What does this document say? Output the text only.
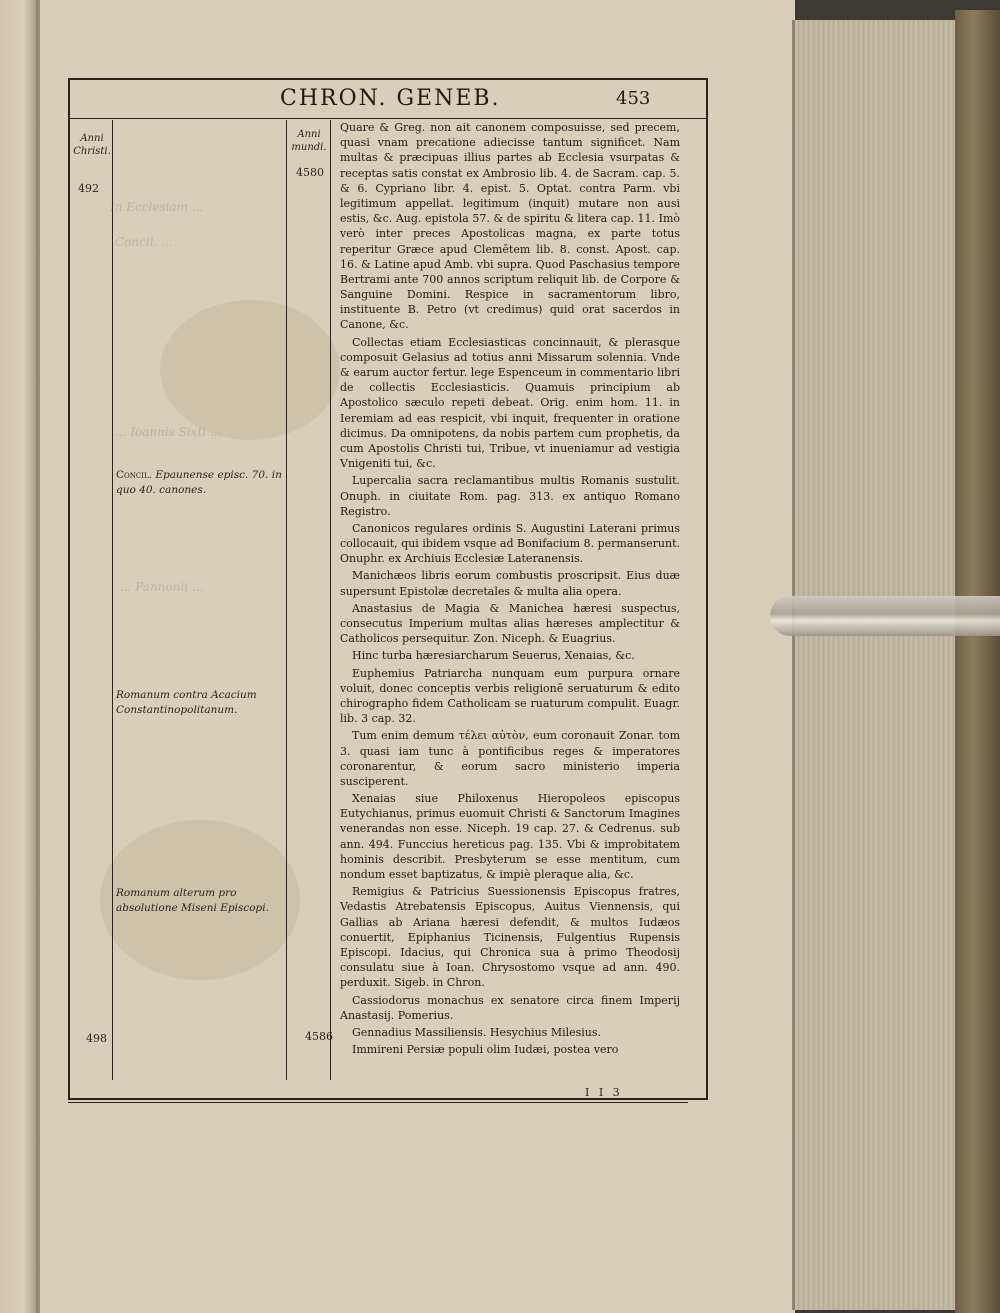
In Ecclesiam ...
Concil. ...
... Ioannis Sixti ...
... Pannonii ...
CHRON. GENEB.	453
Anni Christi.
Anni mundi.
492
4580
498	4586
Concil. Epaunense episc. 70. in quo 40. canones.
Romanum contra Acacium Constantinopolitanum.
Romanum alterum pro absolutione Miseni Episcopi.

Quare & Greg. non ait canonem composuisse, sed precem, quasi vnam precatione adiecisse tantum significet. Nam multas & præcipuas illius partes ab Ecclesia vsurpatas & receptas satis constat ex Ambrosio lib. 4. de Sacram. cap. 5. & 6. Cypriano libr. 4. epist. 5. Optat. contra Parm. vbi legitimum appellat. legitimum (inquit) mutare non ausi estis, &c. Aug. epistola 57. & de spiritu & litera cap. 11. Imò verò inter preces Apostolicas magna, ex parte totus reperitur Græce apud Clemētem lib. 8. const. Apost. cap. 16. & Latine apud Amb. vbi supra. Quod Paschasius tempore Bertrami ante 700 annos scriptum reliquit lib. de Corpore & Sanguine Domini. Respice in sacramentorum libro, instituente B. Petro (vt credimus) quid orat sacerdos in Canone, &c.

Collectas etiam Ecclesiasticas concinnauit, & plerasque composuit Gelasius ad totius anni Missarum solennia. Vnde & earum auctor fertur. lege Espenceum in commentario libri de collectis Ecclesiasticis. Quamuis principium ab Apostolico sæculo repeti debeat. Orig. enim hom. 11. in Ieremiam ad eas respicit, vbi inquit, frequenter in oratione dicimus. Da omnipotens, da nobis partem cum prophetis, da cum Apostolis Christi tui, Tribue, vt inueniamur ad vestigia Vnigeniti tui, &c.

Lupercalia sacra reclamantibus multis Romanis sustulit. Onuph. in ciuitate Rom. pag. 313. ex antiquo Romano Registro.

Canonicos regulares ordinis S. Augustini Laterani primus collocauit, qui ibidem vsque ad Bonifacium 8. permanserunt. Onuphr. ex Archiuis Ecclesiæ Lateranensis.

Manichæos libris eorum combustis proscripsit. Eius duæ supersunt Epistolæ decretales & multa alia opera.

Anastasius de Magia & Manichea hæresi suspectus, consecutus Imperium multas alias hæreses amplectitur & Catholicos persequitur. Zon. Niceph. & Euagrius.

Hinc turba hæresiarcharum Seuerus, Xenaias, &c.

Euphemius Patriarcha nunquam eum purpura ornare voluit, donec conceptis verbis religionē seruaturum & edito chirographo fidem Catholicam se ruaturum compulit. Euagr. lib. 3 cap. 32.

Tum enim demum τέλει αὐτὸν, eum coronauit Zonar. tom 3. quasi iam tunc à pontificibus reges & imperatores coronarentur, & eorum sacro ministerio imperia susciperent.

Xenaias siue Philoxenus Hieropoleos episcopus Eutychianus, primus euomuit Christi & Sanctorum Imagines venerandas non esse. Niceph. 19 cap. 27. & Cedrenus. sub ann. 494. Funccius hereticus pag. 135. Vbi & improbitatem hominis describit. Presbyterum se esse mentitum, cum nondum esset baptizatus, & impiè pleraque alia, &c.

Remigius & Patricius Suessionensis Episcopus fratres, Vedastis Atrebatensis Episcopus, Auitus Viennensis, qui Gallias ab Ariana hæresi defendit, & multos Iudæos conuertit, Epiphanius Ticinensis, Fulgentius Rupensis Episcopi. Idacius, qui Chronica sua à primo Theodosij consulatu siue à Ioan. Chrysostomo vsque ad ann. 490. perduxit. Sigeb. in Chron.

Cassiodorus monachus ex senatore circa finem Imperij Anastasij. Pomerius.

Gennadius Massiliensis. Hesychius Milesius.

Immireni Persiæ populi olim Iudæi, postea vero

I I 3
